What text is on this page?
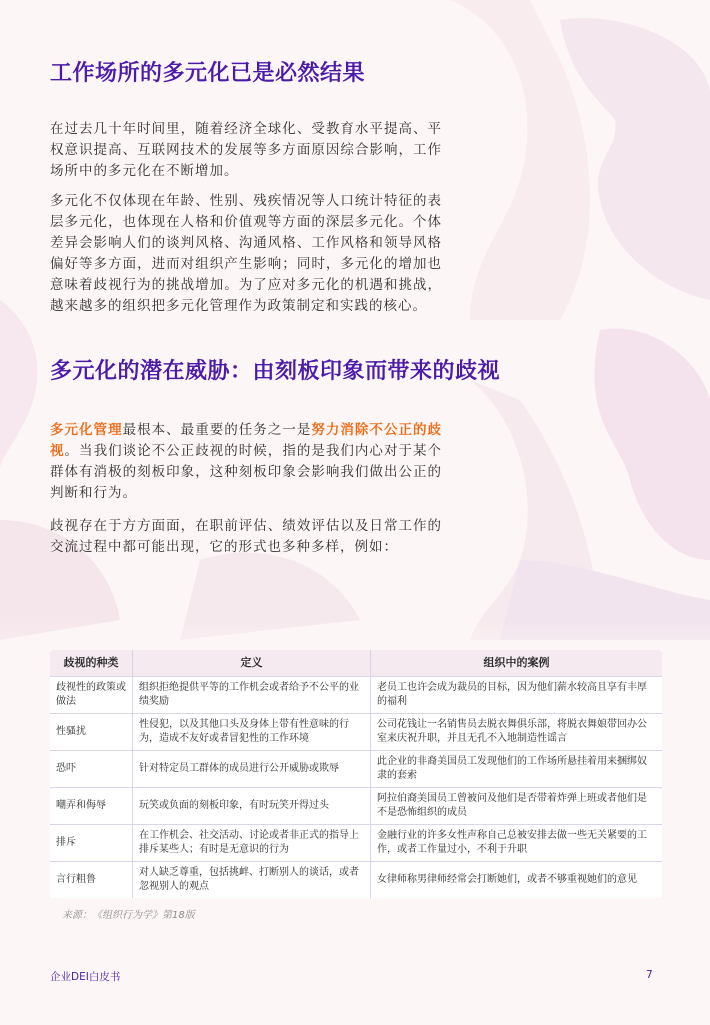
工作场所的多元化已是必然结果

在过去几十年时间里，随着经济全球化、受教育水平提高、平权意识提高、互联网技术的发展等多方面原因综合影响，工作场所中的多元化在不断增加。

多元化不仅体现在年龄、性别、残疾情况等人口统计特征的表层多元化，也体现在人格和价值观等方面的深层多元化。个体差异会影响人们的谈判风格、沟通风格、工作风格和领导风格偏好等多方面，进而对组织产生影响；同时，多元化的增加也意味着歧视行为的挑战增加。为了应对多元化的机遇和挑战，越来越多的组织把多元化管理作为政策制定和实践的核心。

多元化的潜在威胁：由刻板印象而带来的歧视

多元化管理最根本、最重要的任务之一是努力消除不公正的歧视。当我们谈论不公正歧视的时候，指的是我们内心对于某个群体有消极的刻板印象，这种刻板印象会影响我们做出公正的判断和行为。

歧视存在于方方面面，在职前评估、绩效评估以及日常工作的交流过程中都可能出现，它的形式也多种多样，例如：

歧视的种类	定义	组织中的案例
歧视性的政策或做法	组织拒绝提供平等的工作机会或者给予不公平的业绩奖励	老员工也许会成为裁员的目标，因为他们薪水较高且享有丰厚的福利
性骚扰	性侵犯，以及其他口头及身体上带有性意味的行为，造成不友好或者冒犯性的工作环境	公司花钱让一名销售员去脱衣舞俱乐部，将脱衣舞娘带回办公室来庆祝升职，并且无孔不入地制造性谣言
恐吓	针对特定员工群体的成员进行公开威胁或欺辱	此企业的非裔美国员工发现他们的工作场所悬挂着用来捆绑奴隶的套索
嘲弄和侮辱	玩笑或负面的刻板印象，有时玩笑开得过头	阿拉伯裔美国员工曾被问及他们是否带着炸弹上班或者他们是不是恐怖组织的成员
排斥	在工作机会、社交活动、讨论或者非正式的指导上排斥某些人；有时是无意识的行为	金融行业的许多女性声称自己总被安排去做一些无关紧要的工作，或者工作量过小，不利于升职
言行粗鲁	对人缺乏尊重，包括挑衅、打断别人的谈话，或者忽视别人的观点	女律师称男律师经常会打断她们，或者不够重视她们的意见

来源：《组织行为学》第18版

企业DEI白皮书	7
